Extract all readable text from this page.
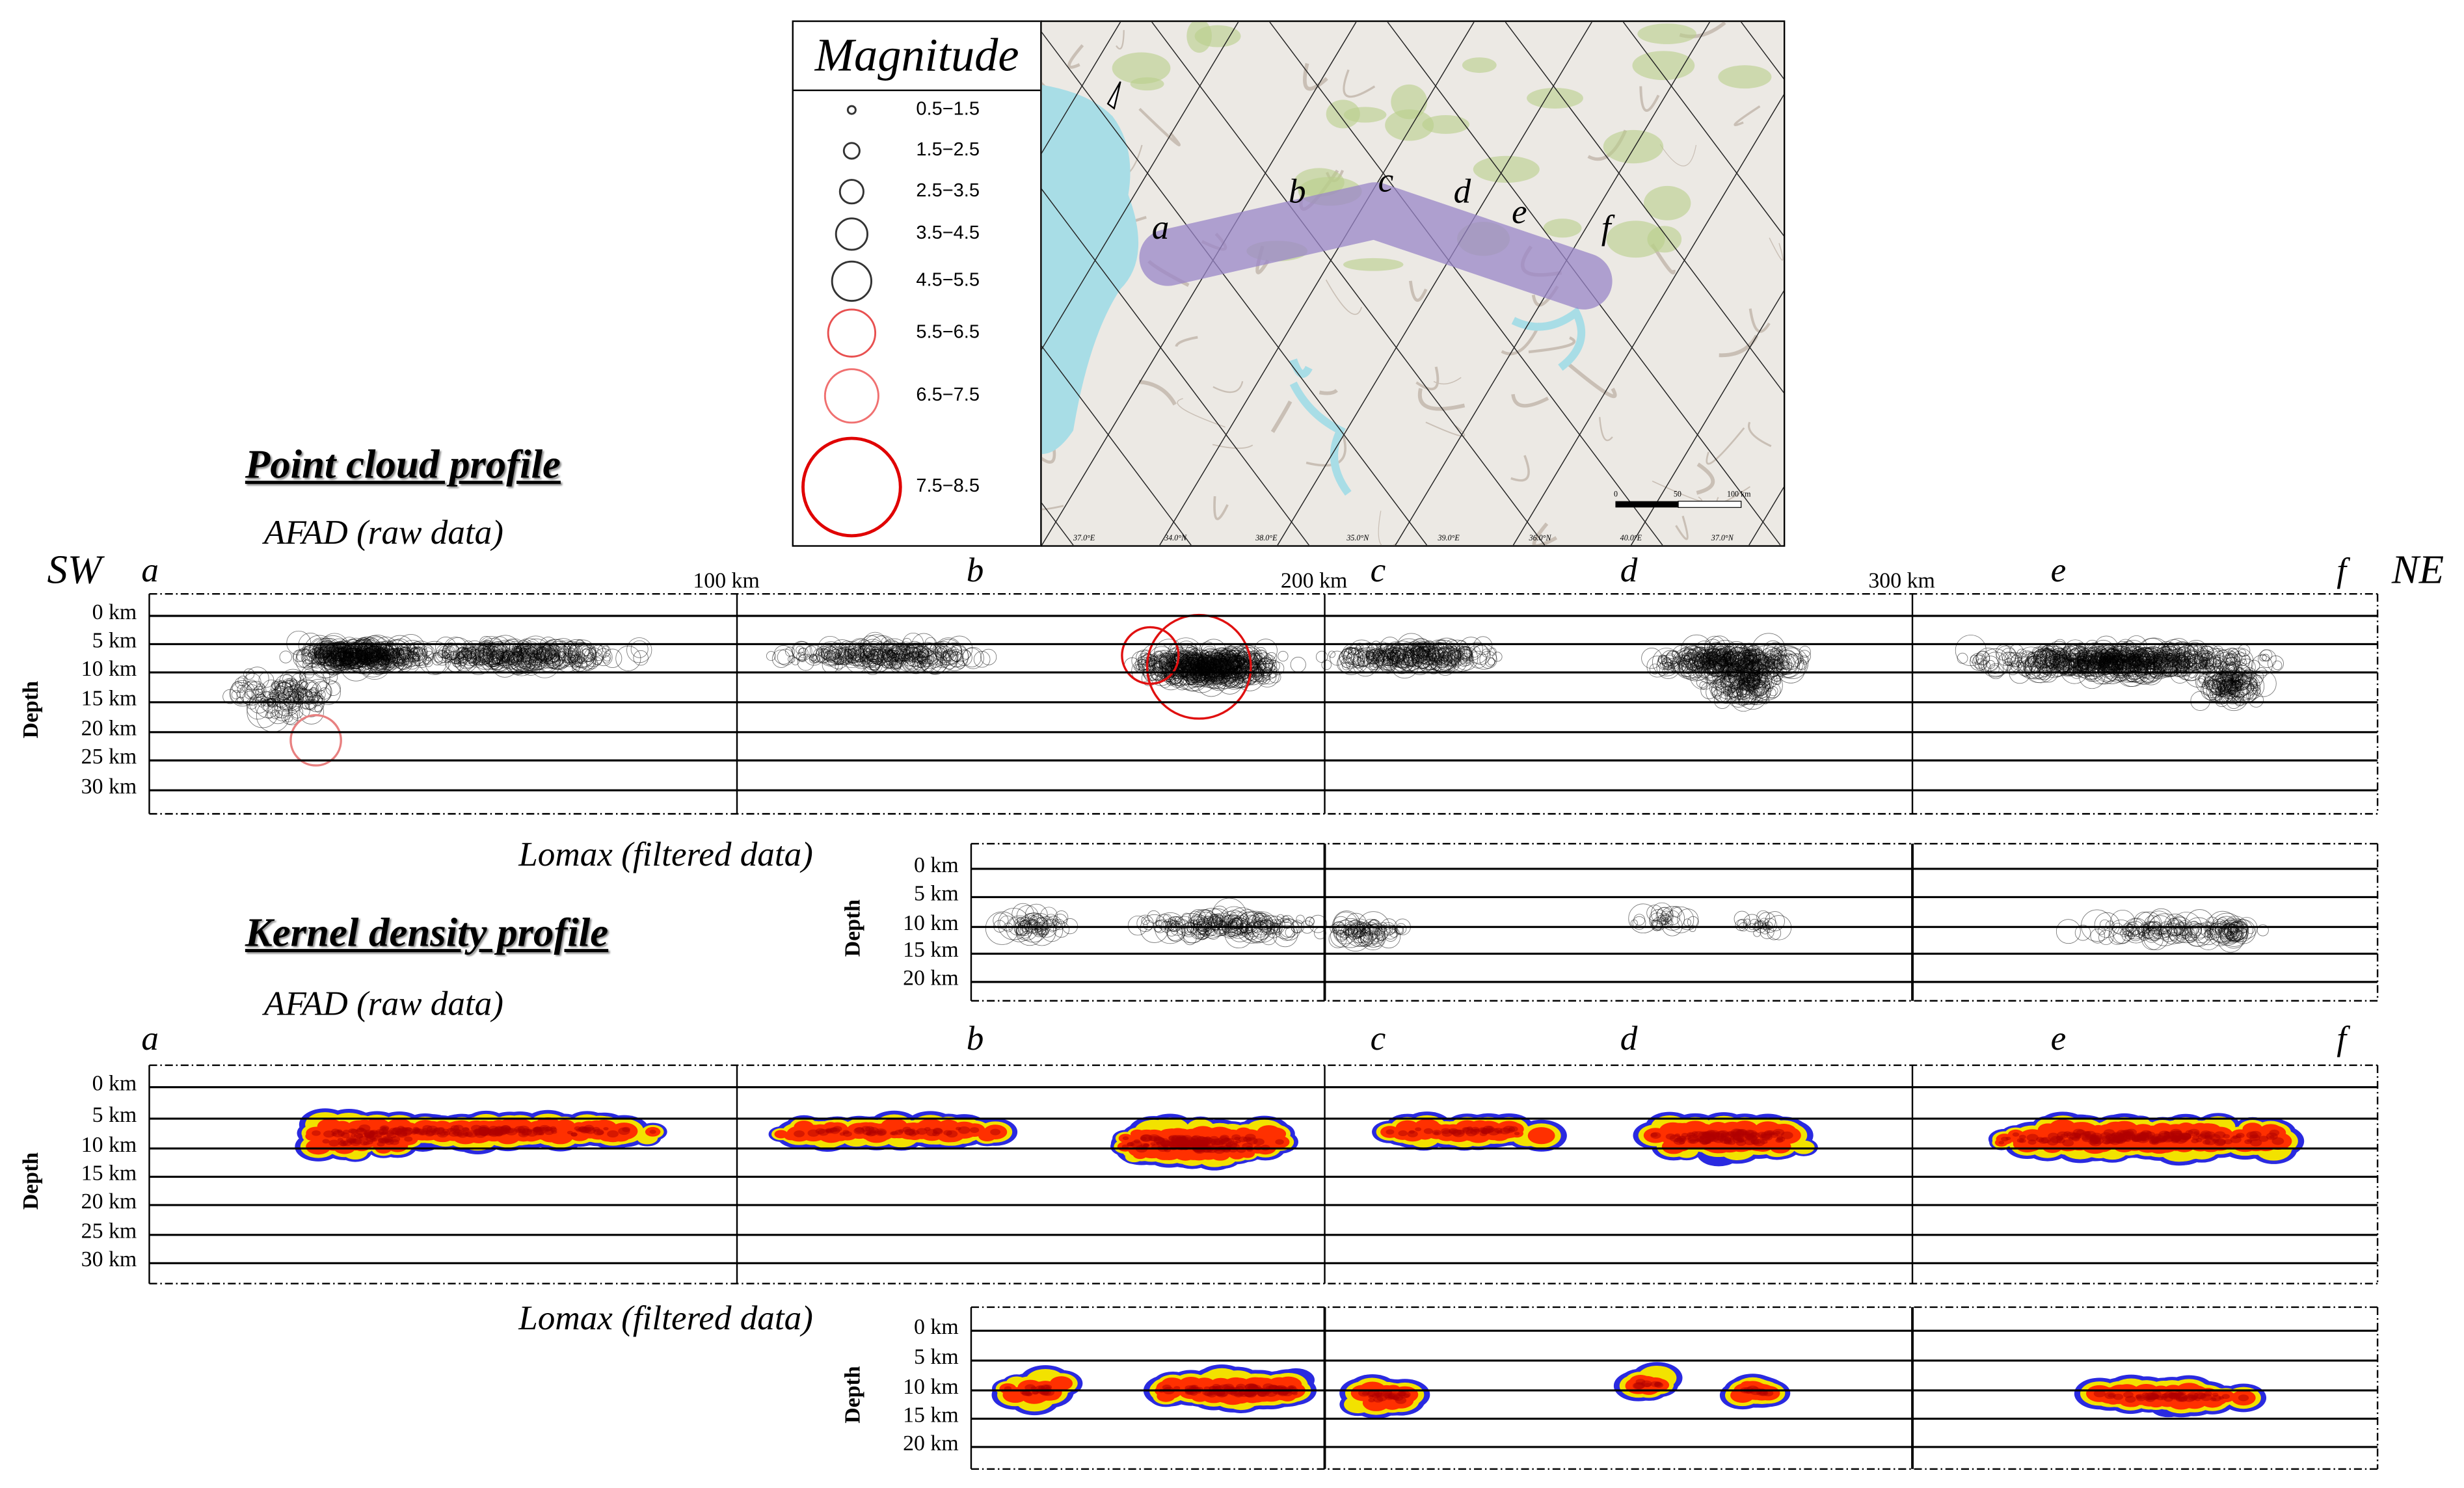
Magnitude
0.5−1.5
1.5−2.5
2.5−3.5
3.5−4.5
4.5−5.5
5.5−6.5
6.5−7.5
7.5−8.5
a
b	c	d
e	f
37.0°E	34.0°N	38.0°E	35.0°N	39.0°E	36.0°N	40.0°E	37.0°N
0	50	100 km
Point cloud profile
AFAD (raw data)
Kernel density profile
AFAD (raw data)
Lomax (filtered data)
Lomax (filtered data)
SW	NE
0 km
5 km
10 km
15 km
20 km
25 km
30 km
Depth
0 km
5 km
10 km
15 km
20 km
Depth
0 km
5 km
10 km
15 km
20 km
25 km
30 km
Depth
0 km
5 km
10 km
15 km
20 km
Depth
a
a
b
b
c
c
d
d
e
e
f
f
100 km	200 km	300 km
